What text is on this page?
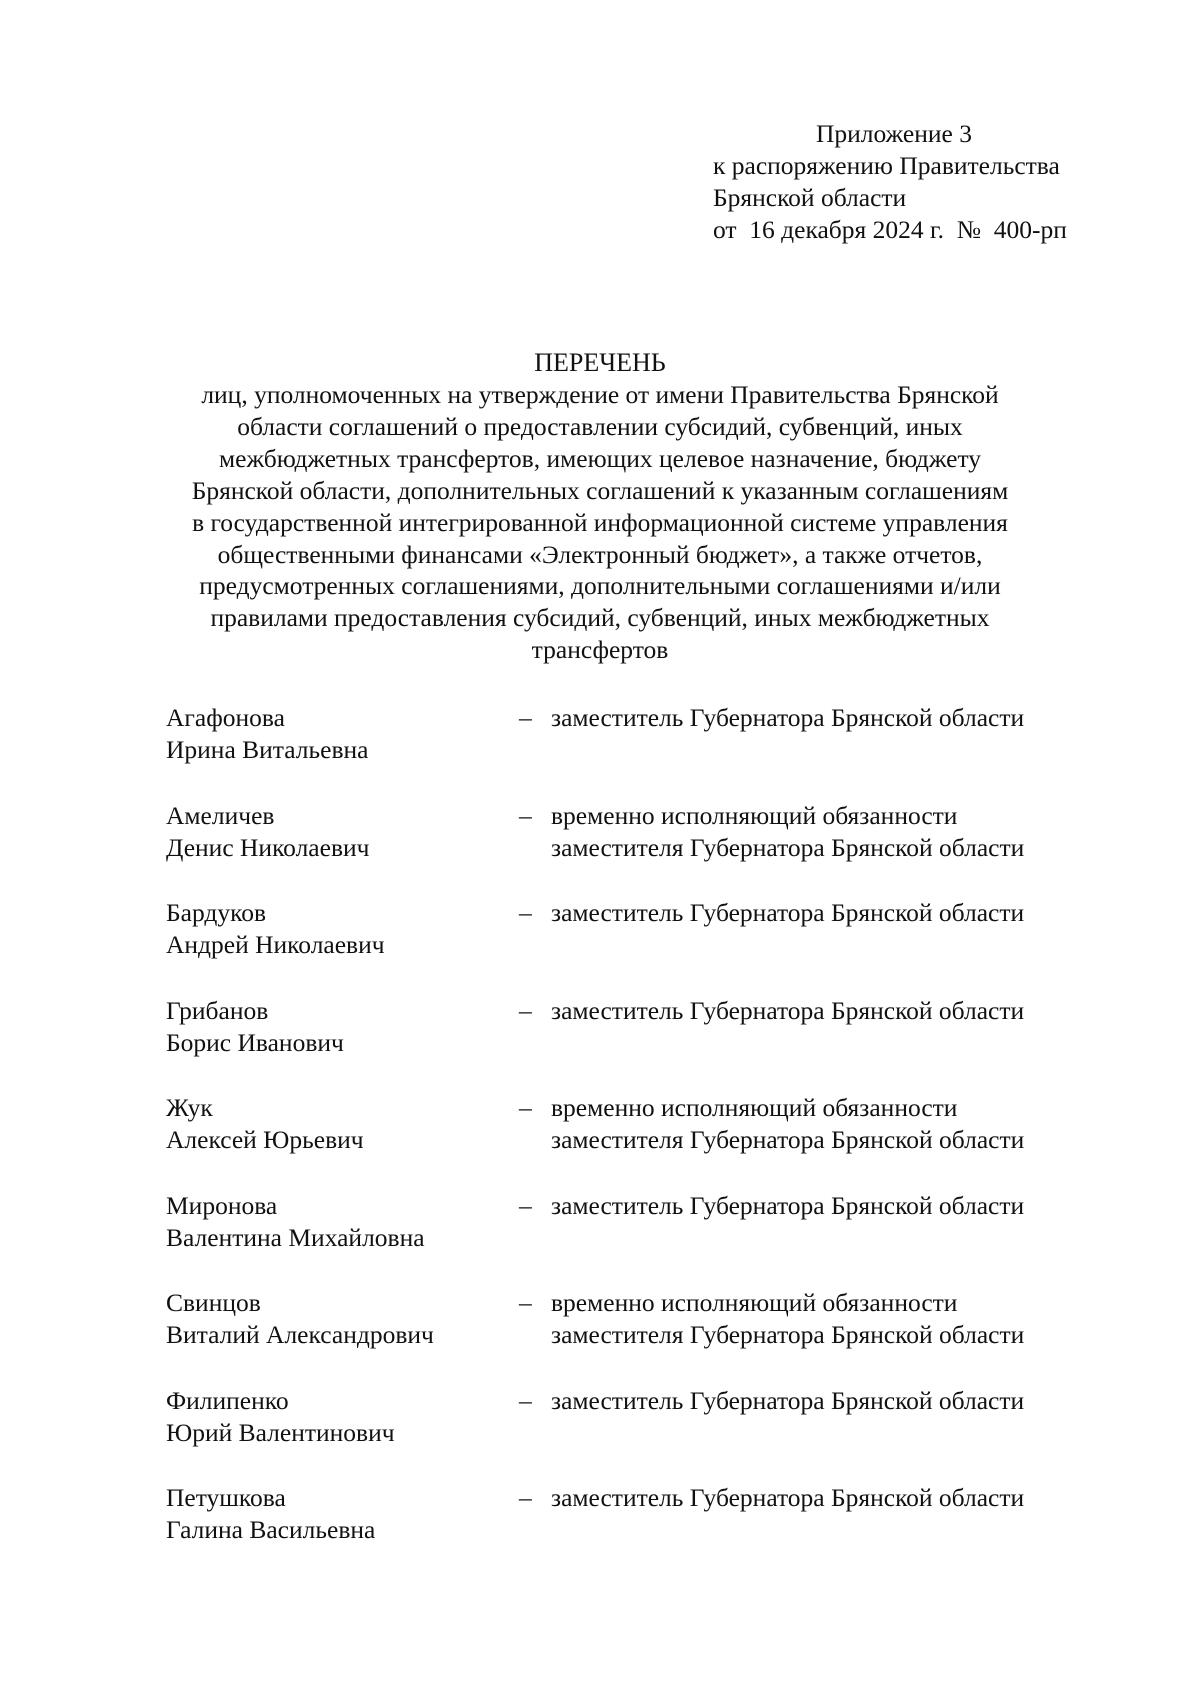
Приложение 3
к распоряжению Правительства
Брянской области
от  16 декабря 2024 г.  №  400-рп
ПЕРЕЧЕНЬ
лиц, уполномоченных на утверждение от имени Правительства Брянской
области соглашений о предоставлении субсидий, субвенций, иных
межбюджетных трансфертов, имеющих целевое назначение, бюджету
Брянской области, дополнительных соглашений к указанным соглашениям
в государственной интегрированной информационной системе управления
общественными финансами «Электронный бюджет», а также отчетов,
предусмотренных соглашениями, дополнительными соглашениями и/или
правилами предоставления субсидий, субвенций, иных межбюджетных
трансфертов
Агафонова
Ирина Витальевна
– заместитель Губернатора Брянской области
Амеличев
Денис Николаевич
– временно исполняющий обязанности
заместителя Губернатора Брянской области
Бардуков
Андрей Николаевич
– заместитель Губернатора Брянской области
Грибанов
Борис Иванович
– заместитель Губернатора Брянской области
Жук
Алексей Юрьевич
– временно исполняющий обязанности
заместителя Губернатора Брянской области
Миронова
Валентина Михайловна
– заместитель Губернатора Брянской области
Свинцов
Виталий Александрович
– временно исполняющий обязанности
заместителя Губернатора Брянской области
Филипенко
Юрий Валентинович
– заместитель Губернатора Брянской области
Петушкова
Галина Васильевна
– заместитель Губернатора Брянской области
